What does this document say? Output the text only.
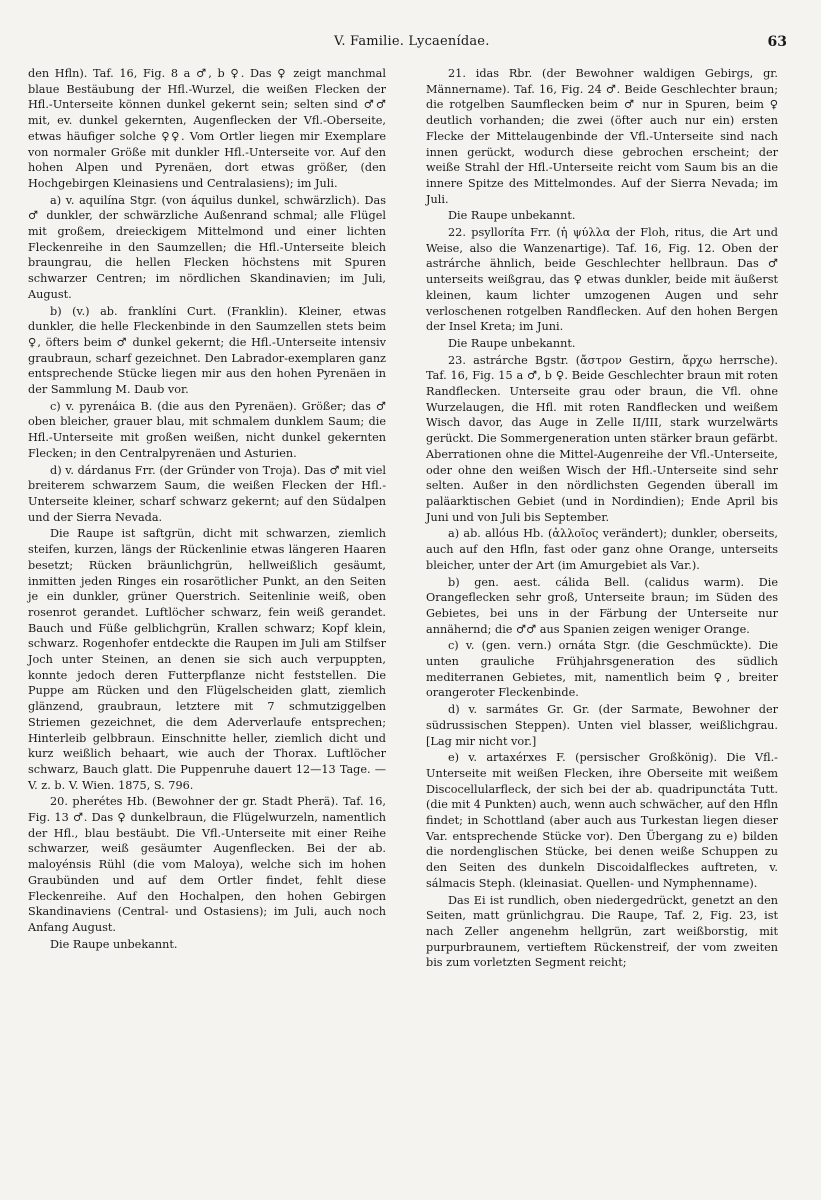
V. Familie. Lycaenídae.	63

den Hfln). Taf. 16, Fig. 8 a ♂, b ♀. Das ♀ zeigt manchmal blaue Bestäubung der Hfl.-Wurzel, die weißen Flecken der Hfl.-Unterseite können dunkel gekernt sein; selten sind ♂♂ mit, ev. dunkel gekernten, Augenflecken der Vfl.-Oberseite, etwas häufiger solche ♀♀. Vom Ortler liegen mir Exemplare von normaler Größe mit dunkler Hfl.-Unterseite vor. Auf den hohen Alpen und Pyrenäen, dort etwas größer, (den Hochgebirgen Kleinasiens und Centralasiens); im Juli.

a) v. aquilína Stgr. (von áquilus dunkel, schwärzlich). Das ♂ dunkler, der schwärzliche Außenrand schmal; alle Flügel mit großem, dreieckigem Mittelmond und einer lichten Fleckenreihe in den Saumzellen; die Hfl.-Unterseite bleich braungrau, die hellen Flecken höchstens mit Spuren schwarzer Centren; im nördlichen Skandinavien; im Juli, August.

b) (v.) ab. franklíni Curt. (Franklin). Kleiner, etwas dunkler, die helle Fleckenbinde in den Saumzellen stets beim ♀, öfters beim ♂ dunkel gekernt; die Hfl.-Unterseite intensiv graubraun, scharf gezeichnet. Den Labrador-exemplaren ganz entsprechende Stücke liegen mir aus den hohen Pyrenäen in der Sammlung M. Daub vor.

c) v. pyrenáica B. (die aus den Pyrenäen). Größer; das ♂ oben bleicher, grauer blau, mit schmalem dunklem Saum; die Hfl.-Unterseite mit großen weißen, nicht dunkel gekernten Flecken; in den Centralpyrenäen und Asturien.

d) v. dárdanus Frr. (der Gründer von Troja). Das ♂ mit viel breiterem schwarzem Saum, die weißen Flecken der Hfl.-Unterseite kleiner, scharf schwarz gekernt; auf den Südalpen und der Sierra Nevada.

Die Raupe ist saftgrün, dicht mit schwarzen, ziemlich steifen, kurzen, längs der Rückenlinie etwas längeren Haaren besetzt; Rücken bräunlichgrün, hellweißlich gesäumt, inmitten jeden Ringes ein rosarötlicher Punkt, an den Seiten je ein dunkler, grüner Querstrich. Seitenlinie weiß, oben rosenrot gerandet. Luftlöcher schwarz, fein weiß gerandet. Bauch und Füße gelblichgrün, Krallen schwarz; Kopf klein, schwarz. Rogenhofer entdeckte die Raupen im Juli am Stilfser Joch unter Steinen, an denen sie sich auch verpuppten, konnte jedoch deren Futterpflanze nicht feststellen. Die Puppe am Rücken und den Flügelscheiden glatt, ziemlich glänzend, graubraun, letztere mit 7 schmutziggelben Striemen gezeichnet, die dem Aderverlaufe entsprechen; Hinterleib gelbbraun. Einschnitte heller, ziemlich dicht und kurz weißlich behaart, wie auch der Thorax. Luftlöcher schwarz, Bauch glatt. Die Puppenruhe dauert 12—13 Tage. — V. z. b. V. Wien. 1875, S. 796.

20. pherétes Hb. (Bewohner der gr. Stadt Pherä). Taf. 16, Fig. 13 ♂. Das ♀ dunkelbraun, die Flügelwurzeln, namentlich der Hfl., blau bestäubt. Die Vfl.-Unterseite mit einer Reihe schwarzer, weiß gesäumter Augenflecken. Bei der ab. maloyénsis Rühl (die vom Maloya), welche sich im hohen Graubünden und auf dem Ortler findet, fehlt diese Fleckenreihe. Auf den Hochalpen, den hohen Gebirgen Skandinaviens (Central- und Ostasiens); im Juli, auch noch Anfang August.

Die Raupe unbekannt.

21. idas Rbr. (der Bewohner waldigen Gebirgs, gr. Männername). Taf. 16, Fig. 24 ♂. Beide Geschlechter braun; die rotgelben Saumflecken beim ♂ nur in Spuren, beim ♀ deutlich vorhanden; die zwei (öfter auch nur ein) ersten Flecke der Mittelaugenbinde der Vfl.-Unterseite sind nach innen gerückt, wodurch diese gebrochen erscheint; der weiße Strahl der Hfl.-Unterseite reicht vom Saum bis an die innere Spitze des Mittelmondes. Auf der Sierra Nevada; im Juli.

Die Raupe unbekannt.

22. psylloríta Frr. (ἡ ψύλλα der Floh, ritus, die Art und Weise, also die Wanzenartige). Taf. 16, Fig. 12. Oben der astrárche ähnlich, beide Geschlechter hellbraun. Das ♂ unterseits weißgrau, das ♀ etwas dunkler, beide mit äußerst kleinen, kaum lichter umzogenen Augen und sehr verloschenen rotgelben Randflecken. Auf den hohen Bergen der Insel Kreta; im Juni.

Die Raupe unbekannt.

23. astrárche Bgstr. (ἄστρον Gestirn, ἄρχω herrsche). Taf. 16, Fig. 15 a ♂, b ♀. Beide Geschlechter braun mit roten Randflecken. Unterseite grau oder braun, die Vfl. ohne Wurzelaugen, die Hfl. mit roten Randflecken und weißem Wisch davor, das Auge in Zelle II/III, stark wurzelwärts gerückt. Die Sommergeneration unten stärker braun gefärbt. Aberrationen ohne die Mittel-Augenreihe der Vfl.-Unterseite, oder ohne den weißen Wisch der Hfl.-Unterseite sind sehr selten. Außer in den nördlichsten Gegenden überall im paläarktischen Gebiet (und in Nordindien); Ende April bis Juni und von Juli bis September.

a) ab. allóus Hb. (ἀλλοῖος verändert); dunkler, oberseits, auch auf den Hfln, fast oder ganz ohne Orange, unterseits bleicher, unter der Art (im Amurgebiet als Var.).

b) gen. aest. cálida Bell. (calidus warm). Die Orangeflecken sehr groß, Unterseite braun; im Süden des Gebietes, bei uns in der Färbung der Unterseite nur annähernd; die ♂♂ aus Spanien zeigen weniger Orange.

c) v. (gen. vern.) ornáta Stgr. (die Geschmückte). Die unten grauliche Frühjahrsgeneration des südlich mediterranen Gebietes, mit, namentlich beim ♀, breiter orangeroter Fleckenbinde.

d) v. sarmátes Gr. Gr. (der Sarmate, Bewohner der südrussischen Steppen). Unten viel blasser, weißlichgrau. [Lag mir nicht vor.]

e) v. artaxérxes F. (persischer Großkönig). Die Vfl.-Unterseite mit weißen Flecken, ihre Oberseite mit weißem Discocellularfleck, der sich bei der ab. quadripunctáta Tutt. (die mit 4 Punkten) auch, wenn auch schwächer, auf den Hfln findet; in Schottland (aber auch aus Turkestan liegen dieser Var. entsprechende Stücke vor). Den Übergang zu e) bilden die nordenglischen Stücke, bei denen weiße Schuppen zu den Seiten des dunkeln Discoidalfleckes auftreten, v. sálmacis Steph. (kleinasiat. Quellen- und Nymphenname).

Das Ei ist rundlich, oben niedergedrückt, genetzt an den Seiten, matt grünlichgrau. Die Raupe, Taf. 2, Fig. 23, ist nach Zeller angenehm hellgrün, zart weißborstig, mit purpurbraunem, vertieftem Rückenstreif, der vom zweiten bis zum vorletzten Segment reicht;
